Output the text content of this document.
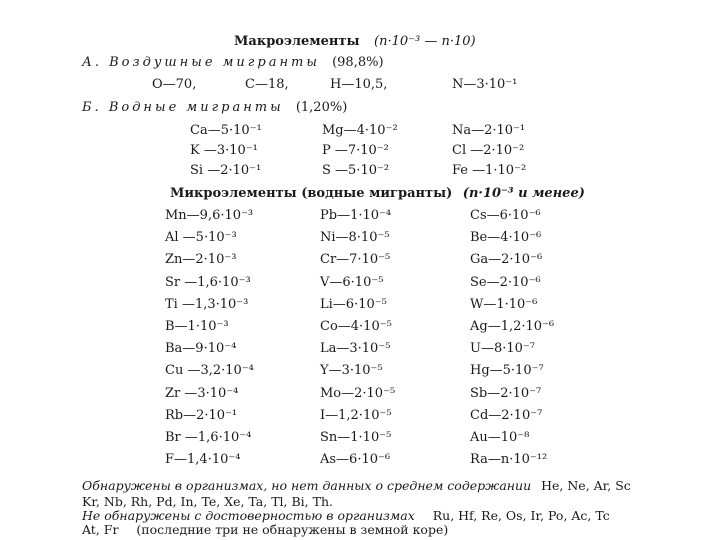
Макроэлементы (n·10⁻³ — n·10)
А. Воздушные мигранты (98,8%)
O—70,	C—18,	H—10,5,	N—3·10⁻¹
Б. Водные мигранты (1,20%)
Ca—5·10⁻¹	Mg—4·10⁻²	Na—2·10⁻¹
K —3·10⁻¹	P —7·10⁻²	Cl —2·10⁻²
Si —2·10⁻¹	S —5·10⁻²	Fe —1·10⁻²
Микроэлементы (водные мигранты) (n·10⁻³ и менее)
Mn—9,6·10⁻³	Pb—1·10⁻⁴	Cs—6·10⁻⁶
Al —5·10⁻³	Ni—8·10⁻⁵	Be—4·10⁻⁶
Zn—2·10⁻³	Cr—7·10⁻⁵	Ga—2·10⁻⁶
Sr —1,6·10⁻³	V—6·10⁻⁵	Se—2·10⁻⁶
Ti —1,3·10⁻³	Li—6·10⁻⁵	W—1·10⁻⁶
B—1·10⁻³	Co—4·10⁻⁵	Ag—1,2·10⁻⁶
Ba—9·10⁻⁴	La—3·10⁻⁵	U—8·10⁻⁷
Cu —3,2·10⁻⁴	Y—3·10⁻⁵	Hg—5·10⁻⁷
Zr —3·10⁻⁴	Mo—2·10⁻⁵	Sb—2·10⁻⁷
Rb—2·10⁻¹	I—1,2·10⁻⁵	Cd—2·10⁻⁷
Br —1,6·10⁻⁴	Sn—1·10⁻⁵	Au—10⁻⁸
F—1,4·10⁻⁴	As—6·10⁻⁶	Ra—n·10⁻¹²
Обнаружены в организмах, но нет данных о среднем содержании He, Ne, Ar, Sc
Kr, Nb, Rh, Pd, In, Te, Xe, Ta, Tl, Bi, Th.
Не обнаружены с достоверностью в организмах Ru, Hf, Re, Os, Ir, Po, Ac, Tc
At, Fr (последние три не обнаружены в земной коре)
